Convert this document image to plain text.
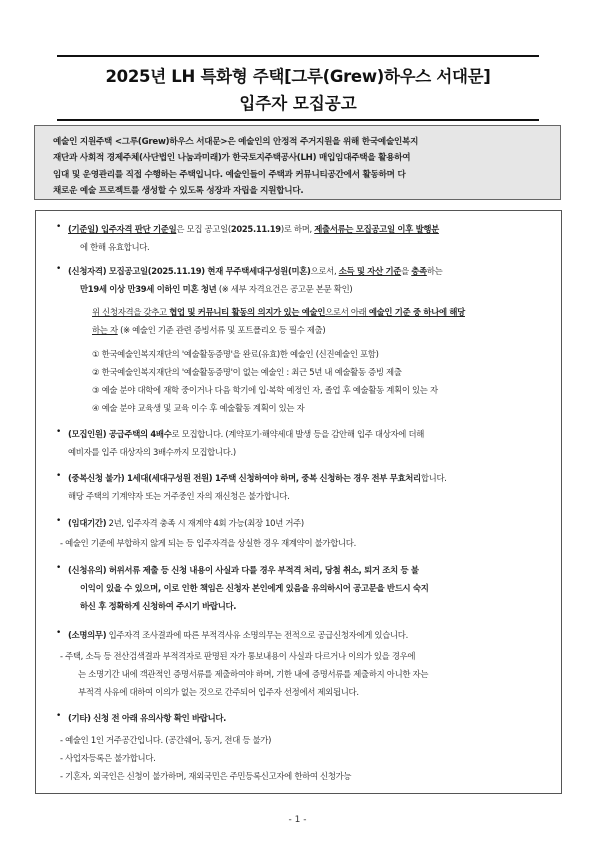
2025년 LH 특화형 주택[그루(Grew)하우스 서대문]
입주자 모집공고
예술인 지원주택 <그루(Grew)하우스 서대문>은 예술인의 안정적 주거지원을 위해 한국예술인복지
재단과 사회적 경제주체(사단법인 나눔과미래)가 한국토지주택공사(LH) 매입임대주택을 활용하여
임대 및 운영관리를 직접 수행하는 주택입니다. 예술인들이 주택과 커뮤니티공간에서 활동하며 다
채로운 예술 프로젝트를 생성할 수 있도록 성장과 자립을 지원합니다.
• (기준일) 입주자격 판단 기준일은 모집 공고일(2025.11.19)로 하며, 제출서류는 모집공고일 이후 발행분
에 한해 유효합니다.
• (신청자격) 모집공고일(2025.11.19) 현재 무주택세대구성원(미혼)으로서, 소득 및 자산 기준을 충족하는
만19세 이상 만39세 이하인 미혼 청년 (※ 세부 자격요건은 공고문 본문 확인)
위 신청자격을 갖추고 협업 및 커뮤니티 활동의 의지가 있는 예술인으로서 아래 예술인 기준 중 하나에 해당
하는 자 (※ 예술인 기준 관련 증빙서류 및 포트폴리오 등 필수 제출)
① 한국예술인복지재단의 '예술활동증명'을 완료(유효)한 예술인 (신진예술인 포함)
② 한국예술인복지재단의 '예술활동증명'이 없는 예술인 : 최근 5년 내 예술활동 증빙 제출
③ 예술 분야 대학에 재학 중이거나 다음 학기에 입·복학 예정인 자, 졸업 후 예술활동 계획이 있는 자
④ 예술 분야 교육생 및 교육 이수 후 예술활동 계획이 있는 자
• (모집인원) 공급주택의 4배수로 모집합니다. (계약포기·해약세대 발생 등을 감안해 입주 대상자에 더해
예비자를 입주 대상자의 3배수까지 모집합니다.)
• (중복신청 불가) 1세대(세대구성원 전원) 1주택 신청하여야 하며, 중복 신청하는 경우 전부 무효처리합니다.
해당 주택의 기계약자 또는 거주중인 자의 재신청은 불가합니다.
• (임대기간) 2년, 입주자격 충족 시 재계약 4회 가능(최장 10년 거주)
- 예술인 기준에 부합하지 않게 되는 등 입주자격을 상실한 경우 재계약이 불가합니다.
• (신청유의) 허위서류 제출 등 신청 내용이 사실과 다를 경우 부적격 처리, 당첨 취소, 퇴거 조치 등 불
이익이 있을 수 있으며, 이로 인한 책임은 신청자 본인에게 있음을 유의하시어 공고문을 반드시 숙지
하신 후 정확하게 신청하여 주시기 바랍니다.
• (소명의무) 입주자격 조사결과에 따른 부적격사유 소명의무는 전적으로 공급신청자에게 있습니다.
- 주택, 소득 등 전산검색결과 부적격자로 판명된 자가 통보내용이 사실과 다르거나 이의가 있을 경우에
는 소명기간 내에 객관적인 증명서류를 제출하여야 하며, 기한 내에 증명서류를 제출하지 아니한 자는
부적격 사유에 대하여 이의가 없는 것으로 간주되어 입주자 선정에서 제외됩니다.
• (기타) 신청 전 아래 유의사항 확인 바랍니다.
- 예술인 1인 거주공간입니다. (공간쉐어, 동거, 전대 등 불가)
- 사업자등록은 불가합니다.
- 기혼자, 외국인은 신청이 불가하며, 재외국민은 주민등록신고자에 한하여 신청가능
- 1 -
